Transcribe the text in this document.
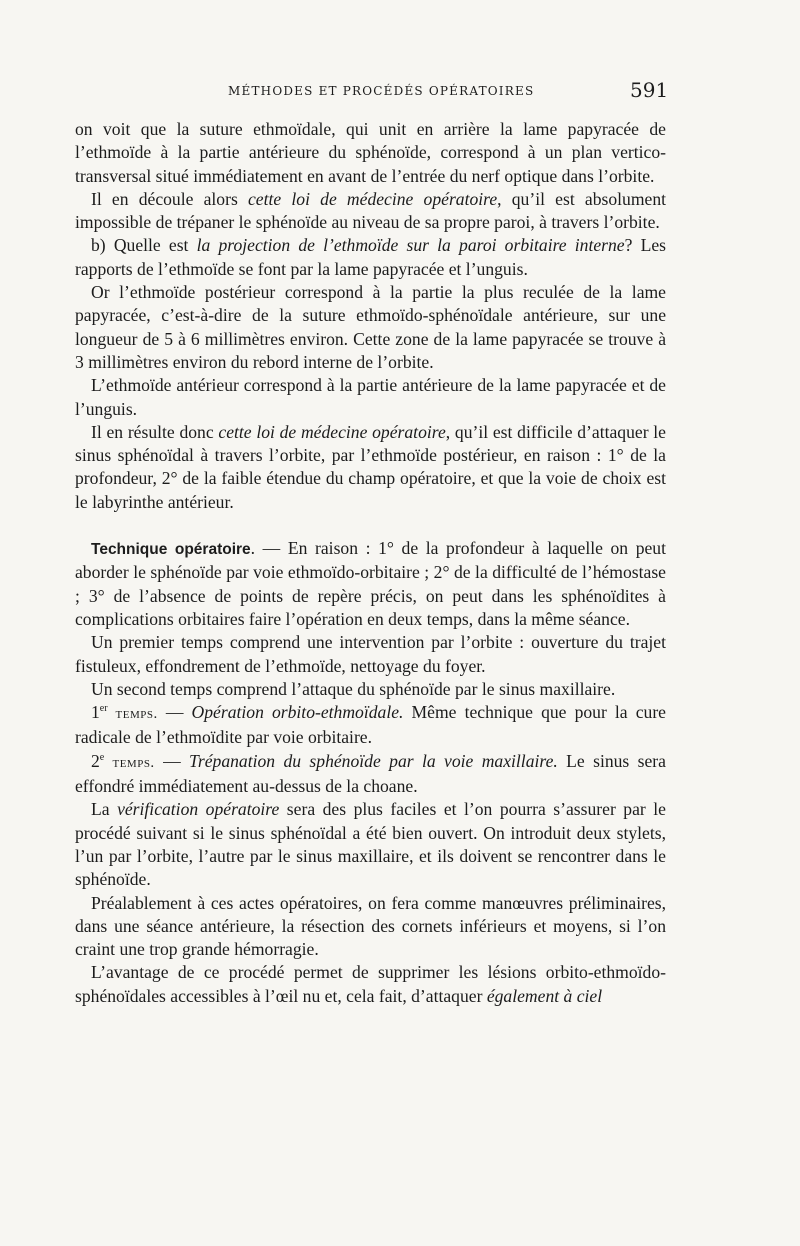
MÉTHODES ET PROCÉDÉS OPÉRATOIRES	591

on voit que la suture ethmoïdale, qui unit en arrière la lame papyracée de l’ethmoïde à la partie antérieure du sphénoïde, correspond à un plan vertico-transversal situé immédiatement en avant de l’entrée du nerf optique dans l’orbite.

Il en découle alors cette loi de médecine opératoire, qu’il est absolument impossible de trépaner le sphénoïde au niveau de sa propre paroi, à travers l’orbite.

b) Quelle est la projection de l’ethmoïde sur la paroi orbitaire interne? Les rapports de l’ethmoïde se font par la lame papyracée et l’unguis.

Or l’ethmoïde postérieur correspond à la partie la plus reculée de la lame papyracée, c’est-à-dire de la suture ethmoïdo-sphénoïdale antérieure, sur une longueur de 5 à 6 millimètres environ. Cette zone de la lame papyracée se trouve à 3 millimètres environ du rebord interne de l’orbite.

L’ethmoïde antérieur correspond à la partie antérieure de la lame papyracée et de l’unguis.

Il en résulte donc cette loi de médecine opératoire, qu’il est difficile d’attaquer le sinus sphénoïdal à travers l’orbite, par l’ethmoïde postérieur, en raison : 1° de la profondeur, 2° de la faible étendue du champ opératoire, et que la voie de choix est le labyrinthe antérieur.

Technique opératoire. — En raison : 1° de la profondeur à laquelle on peut aborder le sphénoïde par voie ethmoïdo-orbitaire ; 2° de la difficulté de l’hémostase ; 3° de l’absence de points de repère précis, on peut dans les sphénoïdites à complications orbitaires faire l’opération en deux temps, dans la même séance.

Un premier temps comprend une intervention par l’orbite : ouverture du trajet fistuleux, effondrement de l’ethmoïde, nettoyage du foyer.

Un second temps comprend l’attaque du sphénoïde par le sinus maxillaire.

1er temps. — Opération orbito-ethmoïdale. Même technique que pour la cure radicale de l’ethmoïdite par voie orbitaire.

2e temps. — Trépanation du sphénoïde par la voie maxillaire. Le sinus sera effondré immédiatement au-dessus de la choane.

La vérification opératoire sera des plus faciles et l’on pourra s’assurer par le procédé suivant si le sinus sphénoïdal a été bien ouvert. On introduit deux stylets, l’un par l’orbite, l’autre par le sinus maxillaire, et ils doivent se rencontrer dans le sphénoïde.

Préalablement à ces actes opératoires, on fera comme manœuvres préliminaires, dans une séance antérieure, la résection des cornets inférieurs et moyens, si l’on craint une trop grande hémorragie.

L’avantage de ce procédé permet de supprimer les lésions orbito-ethmoïdo-sphénoïdales accessibles à l’œil nu et, cela fait, d’attaquer également à ciel
